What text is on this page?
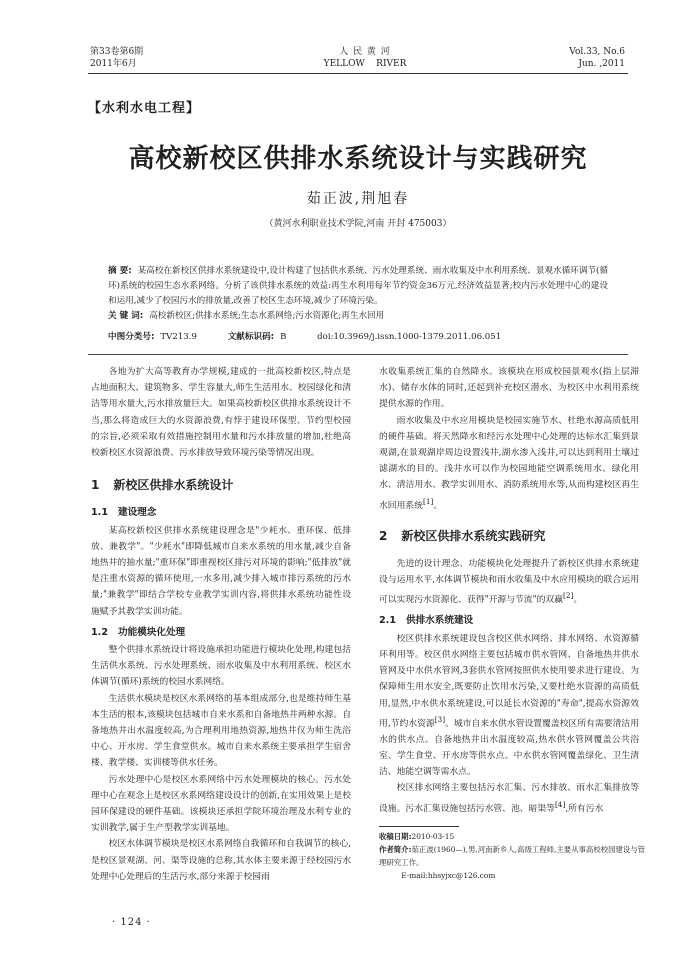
第33卷第6期
2011年6月
人 民 黄 河
YELLOW    RIVER
Vol.33, No.6
Jun. ,2011
【水利水电工程】
高校新校区供排水系统设计与实践研究
茹正波,荆旭春
（黄河水利职业技术学院,河南 开封 475003）
摘 要: 某高校在新校区供排水系统建设中,设计构建了包括供水系统、污水处理系统、雨水收集及中水利用系统、景观水循环调节(循环)系统的校园生态水系网络。分析了该供排水系统的效益:再生水利用每年节约资金36万元,经济效益显著;校内污水处理中心的建设和运用,减少了校园污水的排放量,改善了校区生态环境,减少了环境污染。
关 键 词: 高校新校区;供排水系统;生态水系网络;污水资源化;再生水回用
中图分类号: TV213.9	文献标识码: B	doi:10.3969/j.issn.1000-1379.2011.06.051

各地为扩大高等教育办学规模,建成的一批高校新校区,特点是占地面积大、建筑物多、学生容量大,师生生活用水、校园绿化和清洁等用水量大,污水排放量巨大。如果高校新校区供排水系统设计不当,那么将造成巨大的水资源浪费,有悖于建设环保型、节约型校园的宗旨,必须采取有效措施控制用水量和污水排放量的增加,杜绝高校新校区水资源浪费、污水排放导致环境污染等情况出现。

1 新校区供排水系统设计
1.1 建设理念

某高校新校区供排水系统建设理念是"少耗水、重环保、低排放、兼教学"。"少耗水"即降低城市自来水系统的用水量,减少自备地热井的抽水量;"重环保"即重视校区排污对环境的影响;"低排放"就是注重水资源的循环使用,一水多用,减少排入城市排污系统的污水量;"兼教学"即结合学校专业教学实训内容,将供排水系统功能性设施赋予其教学实训功能。

1.2 功能模块化处理

整个供排水系统设计将设施承担功能进行模块化处理,构建包括生活供水系统、污水处理系统、雨水收集及中水利用系统、校区水体调节(循环)系统的校园水系网络。

生活供水模块是校区水系网络的基本组成部分,也是维持师生基本生活的根本,该模块包括城市自来水系和自备地热井两种水源。自备地热井出水温度较高,为合理利用地热资源,地热井仅为师生洗浴中心、开水房、学生食堂供水。城市自来水系统主要承担学生宿舍楼、教学楼、实训楼等供水任务。

污水处理中心是校区水系网络中污水处理模块的核心。污水处理中心在观念上是校区水系网络建设设计的创新,在实用效果上是校园环保建设的硬件基础。该模块还承担学院环境治理及水利专业的实训教学,属于生产型教学实训基地。

校区水体调节模块是校区水系网络自我循环和自我调节的核心,是校区景观湖、河、渠等设施的总称,其水体主要来源于经校园污水处理中心处理后的生活污水,部分来源于校园雨

水收集系统汇集的自然降水。该模块在形成校园景观水(指上层滞水)、储存水体的同时,还起到补充校区潜水、为校区中水利用系统提供水源的作用。

雨水收集及中水应用模块是校园实施节水、杜绝水源高质低用的硬件基础。将天然降水和经污水处理中心处理的达标水汇集到景观湖,在景观湖岸周边设置浅井,湖水渗入浅井,可以达到利用土壤过滤湖水的目的。浅井水可以作为校园地能空调系统用水、绿化用水、清洁用水、教学实训用水、消防系统用水等,从而构建校区再生水回用系统[1]。

2 新校区供排水系统实践研究

先进的设计理念、功能模块化处理提升了新校区供排水系统建设与运用水平,水体调节模块和雨水收集及中水应用模块的联合运用可以实现污水资源化、获得"开源与节流"的双赢[2]。

2.1 供排水系统建设

校区供排水系统建设包含校区供水网络、排水网络、水资源循环利用等。校区供水网络主要包括城市供水管网、自备地热井供水管网及中水供水管网,3套供水管网按照供水使用要求进行建设。为保障师生用水安全,既要防止饮用水污染,又要杜绝水资源的高质低用,显然,中水供水系统建设,可以延长水资源的"寿命",提高水资源效用,节约水资源[3]。城市自来水供水管设置覆盖校区所有需要清洁用水的供水点。自备地热井出水温度较高,热水供水管网覆盖公共浴室、学生食堂、开水房等供水点。中水供水管网覆盖绿化、卫生清洁、地能空调等需水点。

校区排水网络主要包括污水汇集、污水排放、雨水汇集排放等设施。污水汇集设施包括污水管、池、暗渠等[4],所有污水

收稿日期:2010-03-15
作者简介:茹正波(1960—),男,河南新乡人,高级工程师,主要从事高校校园建设与管理研究工作。
E-mail:hhsyjxc@126.com
· 124 ·
